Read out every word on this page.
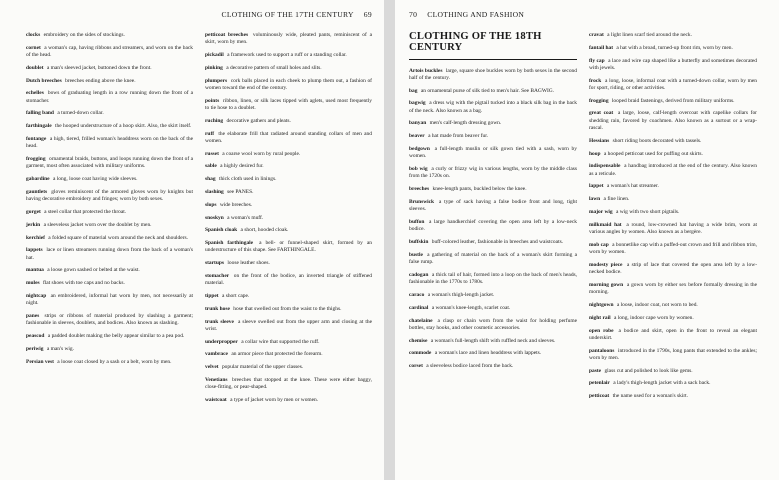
CLOTHING OF THE 17TH CENTURY 69

clocks embroidery on the sides of stockings.

cornet a woman's cap, having ribbons and streamers, and worn on the back of the head.

doublet a man's sleeved jacket, buttoned down the front.

Dutch breeches breeches ending above the knee.

echelles bows of graduating length in a row running down the front of a stomacher.

falling band a turned-down collar.

farthingale the hooped understructure of a hoop skirt. Also, the skirt itself.

fontange a high, tiered, frilled woman's headdress worn on the back of the head.

frogging ornamental braids, buttons, and loops running down the front of a garment, most often associated with military uniforms.

gabardine a long, loose coat having wide sleeves.

gauntlets gloves reminiscent of the armored gloves worn by knights but having decorative embroidery and fringes; worn by both sexes.

gorget a steel collar that protected the throat.

jerkin a sleeveless jacket worn over the doublet by men.

kerchief a folded square of material worn around the neck and shoulders.

lappets lace or linen streamers running down from the back of a woman's hat.

mantua a loose gown sashed or belted at the waist.

mules flat shoes with toe caps and no backs.

nightcap an embroidered, informal hat worn by men, not necessarily at night.

panes strips or ribbons of material produced by slashing a garment; fashionable in sleeves, doublets, and bodices. Also known as slashing.

peascod a padded doublet making the belly appear similar to a pea pod.

periwig a man's wig.

Persian vest a loose coat closed by a sash or a belt, worn by men.

petticoat breeches voluminously wide, pleated pants, reminiscent of a skirt, worn by men.

pickadil a framework used to support a ruff or a standing collar.

pinking a decorative pattern of small holes and slits.

plumpers cork balls placed in each cheek to plump them out, a fashion of women toward the end of the century.

points ribbon, linen, or silk laces tipped with aglets, used most frequently to tie hose to a doublet.

ruching decorative gathers and pleats.

ruff the elaborate frill that radiated around standing collars of men and women.

russet a coarse wool worn by rural people.

sable a highly desired fur.

shag thick cloth used in linings.

slashing see PANES.

slops wide breeches.

snoskyn a woman's muff.

Spanish cloak a short, hooded cloak.

Spanish farthingale a bell- or funnel-shaped skirt, formed by an understructure of this shape. See FARTHINGALE.

startups loose leather shoes.

stomacher on the front of the bodice, an inverted triangle of stiffened material.

tippet a short cape.

trunk hose hose that swelled out from the waist to the thighs.

trunk sleeve a sleeve swelled out from the upper arm and closing at the wrist.

underpropper a collar wire that supported the ruff.

vambrace an armor piece that protected the forearm.

velvet popular material of the upper classes.

Venetians breeches that stopped at the knee. These were either baggy, close-fitting, or pear-shaped.

waistcoat a type of jacket worn by men or women.

70 CLOTHING AND FASHION
CLOTHING OF THE 18TH
CENTURY

Artois buckles large, square shoe buckles worn by both sexes in the second half of the century.

bag an ornamental purse of silk tied to men's hair. See BAGWIG.

bagwig a dress wig with the pigtail tucked into a black silk bag in the back of the neck. Also known as a bag.

banyan men's calf-length dressing gown.

beaver a hat made from beaver fur.

bedgown a full-length muslin or silk gown tied with a sash, worn by women.

bob wig a curly or frizzy wig in various lengths, worn by the middle class from the 1720s on.

breeches knee-length pants, buckled below the knee.

Brunswick a type of sack having a false bodice front and long, tight sleeves.

buffon a large handkerchief covering the open area left by a low-neck bodice.

buffskin buff-colored leather, fashionable in breeches and waistcoats.

bustle a gathering of material on the back of a woman's skirt forming a false rump.

cadogan a thick tail of hair, formed into a loop on the back of men's heads, fashionable in the 1770s to 1780s.

caraco a woman's thigh-length jacket.

cardinal a woman's knee-length, scarlet coat.

chatelaine a clasp or chain worn from the waist for holding perfume bottles, stay hooks, and other cosmetic accessories.

chemise a woman's full-length shift with ruffled neck and sleeves.

commode a woman's lace and linen headdress with lappets.

corset a sleeveless bodice laced from the back.

cravat a light linen scarf tied around the neck.

fantail hat a hat with a broad, turned-up front rim, worn by men.

fly cap a lace and wire cap shaped like a butterfly and sometimes decorated with jewels.

frock a long, loose, informal coat with a turned-down collar, worn by men for sport, riding, or other activities.

frogging looped braid fastenings, derived from military uniforms.

great coat a large, loose, calf-length overcoat with capelike collars for shedding rain, favored by coachmen. Also known as a surtout or a wrap-rascal.

Hessians short riding boots decorated with tassels.

hoop a hooped petticoat used for puffing out skirts.

indispensable a handbag introduced at the end of the century. Also known as a reticule.

lappet a woman's hat streamer.

lawn a fine linen.

major wig a wig with two short pigtails.

milkmaid hat a round, low-crowned hat having a wide brim, worn at various angles by women. Also known as a bergère.

mob cap a bonnetlike cap with a puffed-out crown and frill and ribbon trim, worn by women.

modesty piece a strip of lace that covered the open area left by a low-necked bodice.

morning gown a gown worn by either sex before formally dressing in the morning.

nightgown a loose, indoor coat, not worn to bed.

night rail a long, indoor cape worn by women.

open robe a bodice and skirt, open in the front to reveal an elegant underskirt.

pantaloons introduced in the 1790s, long pants that extended to the ankles; worn by men.

paste glass cut and polished to look like gems.

petenlair a lady's thigh-length jacket with a sack back.

petticoat the name used for a woman's skirt.
